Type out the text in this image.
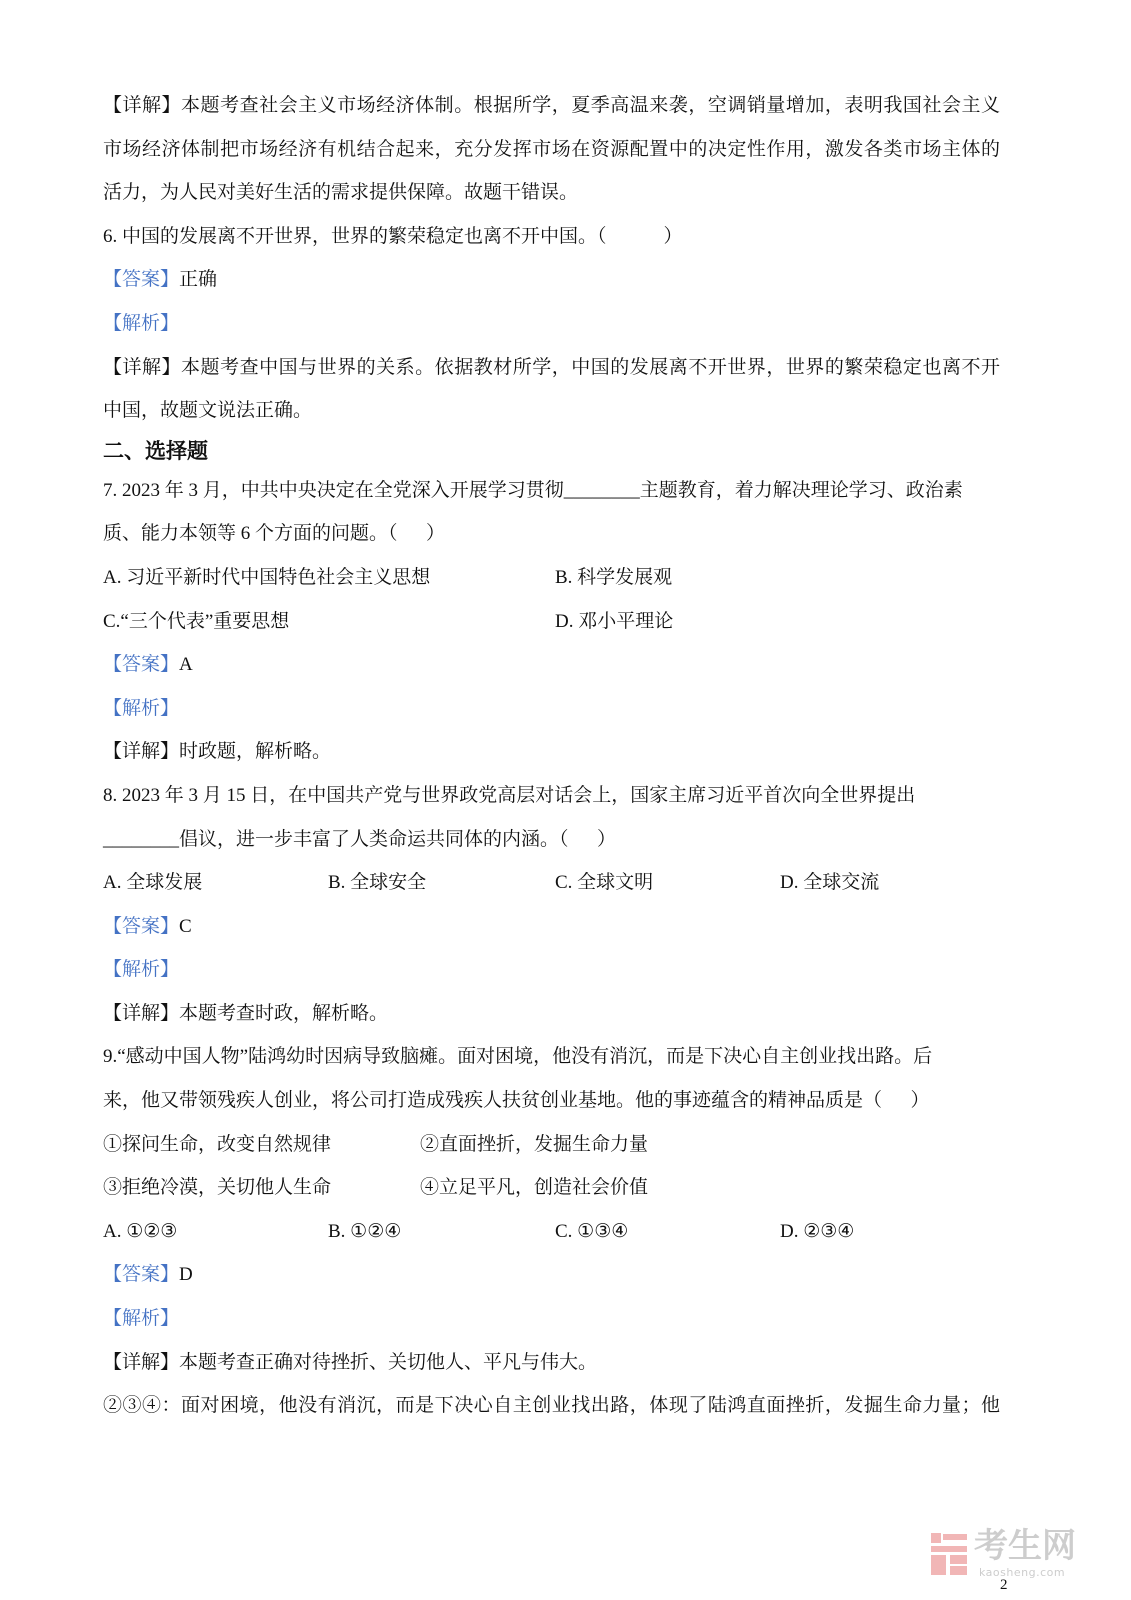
【详解】本题考查社会主义市场经济体制。根据所学，夏季高温来袭，空调销量增加，表明我国社会主义
市场经济体制把市场经济有机结合起来，充分发挥市场在资源配置中的决定性作用，激发各类市场主体的
活力，为人民对美好生活的需求提供保障。故题干错误。
6. 中国的发展离不开世界，世界的繁荣稳定也离不开中国。（            ）
【答案】正确
【解析】
【详解】本题考查中国与世界的关系。依据教材所学，中国的发展离不开世界，世界的繁荣稳定也离不开
中国，故题文说法正确。
二、选择题
7. 2023 年 3 月，中共中央决定在全党深入开展学习贯彻________主题教育，着力解决理论学习、政治素
质、能力本领等 6 个方面的问题。（      ）
A. 习近平新时代中国特色社会主义思想	B. 科学发展观
C.“三个代表”重要思想	D. 邓小平理论
【答案】A
【解析】
【详解】时政题，解析略。
8. 2023 年 3 月 15 日，在中国共产党与世界政党高层对话会上，国家主席习近平首次向全世界提出
________倡议，进一步丰富了人类命运共同体的内涵。（      ）
A. 全球发展	B. 全球安全	C. 全球文明	D. 全球交流
【答案】C
【解析】
【详解】本题考查时政，解析略。
9.“感动中国人物”陆鸿幼时因病导致脑瘫。面对困境，他没有消沉，而是下决心自主创业找出路。后
来，他又带领残疾人创业，将公司打造成残疾人扶贫创业基地。他的事迹蕴含的精神品质是（      ）
①探问生命，改变自然规律	②直面挫折，发掘生命力量
③拒绝冷漠，关切他人生命	④立足平凡，创造社会价值
A. ①②③	B. ①②④	C. ①③④	D. ②③④
【答案】D
【解析】
【详解】本题考查正确对待挫折、关切他人、平凡与伟大。
②③④：面对困境，他没有消沉，而是下决心自主创业找出路，体现了陆鸿直面挫折，发掘生命力量；他
考生网
kaosheng.com
2
